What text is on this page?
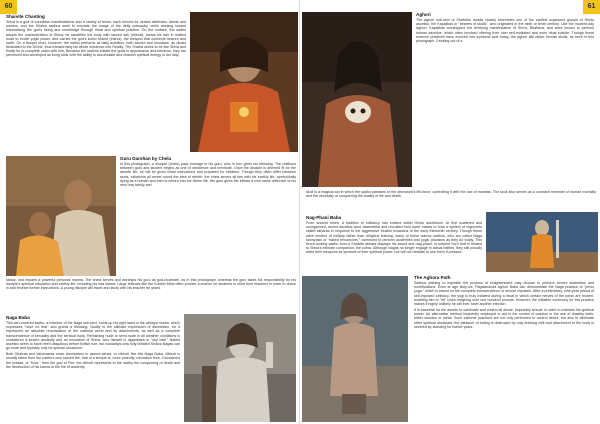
60
Shaivite Chanting

Shiva is a god of countless manifestations and a variety of forms, each formed for certain attributes, deeds and powers; and the Shaiva sadhus seek to emulate the image of the deity outwardly, while working toward internalizing the god's being and knowledge through ritual and spiritual practice. On the surface, the sadhu adopts the characteristics of Shiva: he sanctifies the body with sacred ash (vibhuti), wears his hair in matted locks to evoke yogic power, and carries the god's iconic trident (trishul), the weapon that connects heaven and earth. On a deeper level, however, the sadhu performs all daily activities, both sacred and mundane, as rituals dedicated to the Divine, thus transforming his whole existence into Reality. The Shaiva seeks to be like Shiva and finally be in complete union with him. Because the sadhus imitate the gods in appearance and behavior, they are perceived and worshiped as living idols with the ability to accumulate and channel spiritual energy to the laity.

Guru Darshan by Chela

In this photograph, a disciple (chela) pays homage to his guru, who in turn gives his blessing. The relations between guru and student begins as one of obedience and servitude. Once the disciple is deemed fit for the ascetic life, he will be given initial instructions and prepared for initiation. Though they often differ between sects, initiations all center round the idea of rebirth: the chela severs all ties with his earthly life, symbolically dying as a human and then is reborn into the divine life. His guru gives the initiate a new name reflective of his new holy family and

status, and imparts a powerful personal mantra. The chela serves and worships his guru as god-incarnate, as in this photograph, whereas the guru takes full responsibility for his disciple's spiritual education and earthly life, including his bad karma. Large festivals like the Kumbh Mela often provide a chance for students to meet their teachers in order to check in and receive further instructions. A young disciple will travel and study with his teacher for years.

Naga Baba

This ash-covered sadhu, a member of the Naga sub-sect, holds up his right hand in the abhaya mudra, which expresses "have no fear" and grants a blessing. Nudity is the ultimate expression of asceticism, for it represents an absolute renunciation of the material world and its attachments, as well as a complete transcendence of sexuality and the sensual body. Remaining nude or semi-nude in all weather conditions is considered a severe austerity and an emulation of Shiva, who himself is digambara or "sky clad." Naked ascetics seem to have been ubiquitous before British rule, but nowadays only fully initiated Shaiva Nagas can go nude and typically only for special occasions.

Both Shaivas and Vaishnavas cover themselves in sacred ashes, or vibhuti, like this Naga Baba. Vibhuti is usually taken from the sadhu's own sacred fire, that of a temple or, more potently, cremation fires. Considered the prasad, or "food," from the god of Fire, the vibhuti represents to the sadhu the conquering of death and the destruction of his karma in the fire of austerity.

61
Aghori

The Aghori sub-sect of Shaivites mostly closely resembles one of the earliest organized groups of Hindu ascetics, the Kapalikas or "bearers of skulls", who originated in the ninth or tenth century. Like the modern-day Aghori, Kapalikas worshipped the terrifying manifestation of Shiva, Bhairava, and were known to perform human sacrifice, which often involved offering their own self-mutilated and even ritual suicide. Though these extreme practices have evolved into symbolic acts today, the Aghori still utilize human skulls, as seen in this photograph. Drinking out of a

skull is a magical act in which the sadhu partakes of the deceased's life-force, controlling it with the use of mantras. The skull also serves as a constant reminder of human mortality and the necessity of conquering the duality of life and death.

Nag-Phani Baba

From ancient times, a tradition of militancy has existed within Hindu asceticism. At first scattered and unorganized, armed ascetics were assembled and recruited from lower castes to form a system of regiments called akharas in response to the aggressive Muslim invasions of the early thirteenth century. Though these were centers of military rather than religious training, many of these warrior sadhus, who are called Naga sannyasis or "naked renouncers," continued to perform austerities and yogic practices as they do today. This fierce-looking sadhu from a Shaivite akhara displays his sword and nag-phani, or serpent horn that is related to Shiva's intimate companion, the cobra. Although Nagas no longer engage in actual battles, they still proudly wield their weapons as symbols of their spiritual power, but will not hesitate to use them if pressed.

The Aghora Path

Sadhus wishing to expedite the process of enlightenment may choose to perform severe austerities and mortifications. Even at age sixty-six, Pagalananda Aghori Baba can demonstrate the Naga practice of "penis yoga," which is based on the complete transcendence of sexual impulses. After a preliminary, nine-year period of self-imposed celibacy, the yogi is truly initiated during a ritual in which certain nerves of the penis are broken, enabling him to "lift" rocks weighing over one hundred pounds. However, the initiation ceremony for this practice makes it highly unlikely he will ever have another erection.

It is essential for the ascetic to sublimate and control all desire, especially sexual, in order to maintain his spiritual power. An alternative method frequently employed to aid in the control of passion is the use of chastity belts, either wooden or metal. Such extreme practices are not only performed to control desire, but also to eliminate other spiritual obstacles: the pleasure of eating is destroyed by only drinking milk and attachment to the body is severed by standing for twelve years.
